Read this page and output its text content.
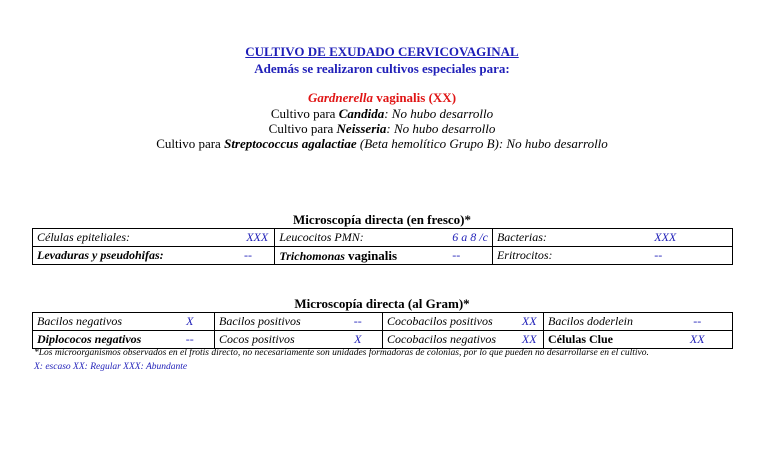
CULTIVO DE EXUDADO CERVICOVAGINAL
Además se realizaron cultivos especiales para:
Gardnerella vaginalis (XX)
Cultivo para Candida: No hubo desarrollo
Cultivo para Neisseria: No hubo desarrollo
Cultivo para Streptococcus agalactiae (Beta hemolítico Grupo B): No hubo desarrollo
Microscopía directa (en fresco)*
Células epiteliales:	XXX	Leucocitos PMN:	6 a 8 /c	Bacterias:	XXX
Levaduras y pseudohifas:	--	Trichomonas vaginalis	--	Eritrocitos:	--
Microscopía directa (al Gram)*
Bacilos negativos	X	Bacilos positivos	--	Cocobacilos positivos	XX	Bacilos doderlein	--
Diplococos negativos	--	Cocos positivos	X	Cocobacilos negativos	XX	Células Clue	XX
*Los microorganismos observados en el frotis directo, no necesariamente son unidades formadoras de colonias, por lo que pueden no desarrollarse en el cultivo.
X: escaso XX: Regular XXX: Abundante
